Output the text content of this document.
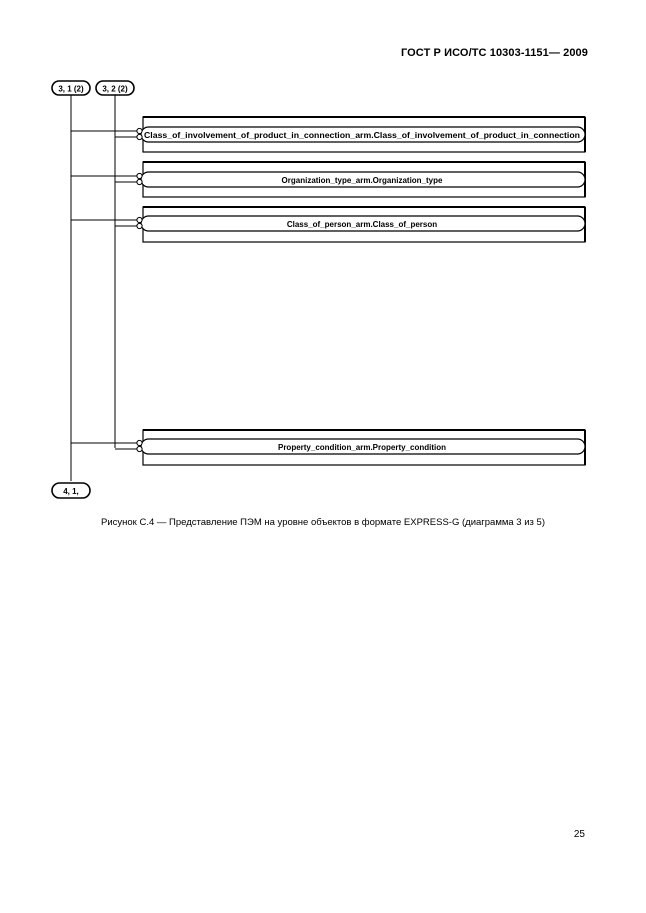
ГОСТ Р ИСО/ТС 10303-1151— 2009
3, 1 (2) 3, 2 (2)
Class_of_involvement_of_product_in_connection_arm.Class_of_involvement_of_product_in_connection
Organization_type_arm.Organization_type
Class_of_person_arm.Class_of_person
Property_condition_arm.Property_condition
4, 1,
Рисунок С.4 — Представление ПЭМ на уровне объектов в формате EXPRESS-G (диаграмма 3 из 5)
25
